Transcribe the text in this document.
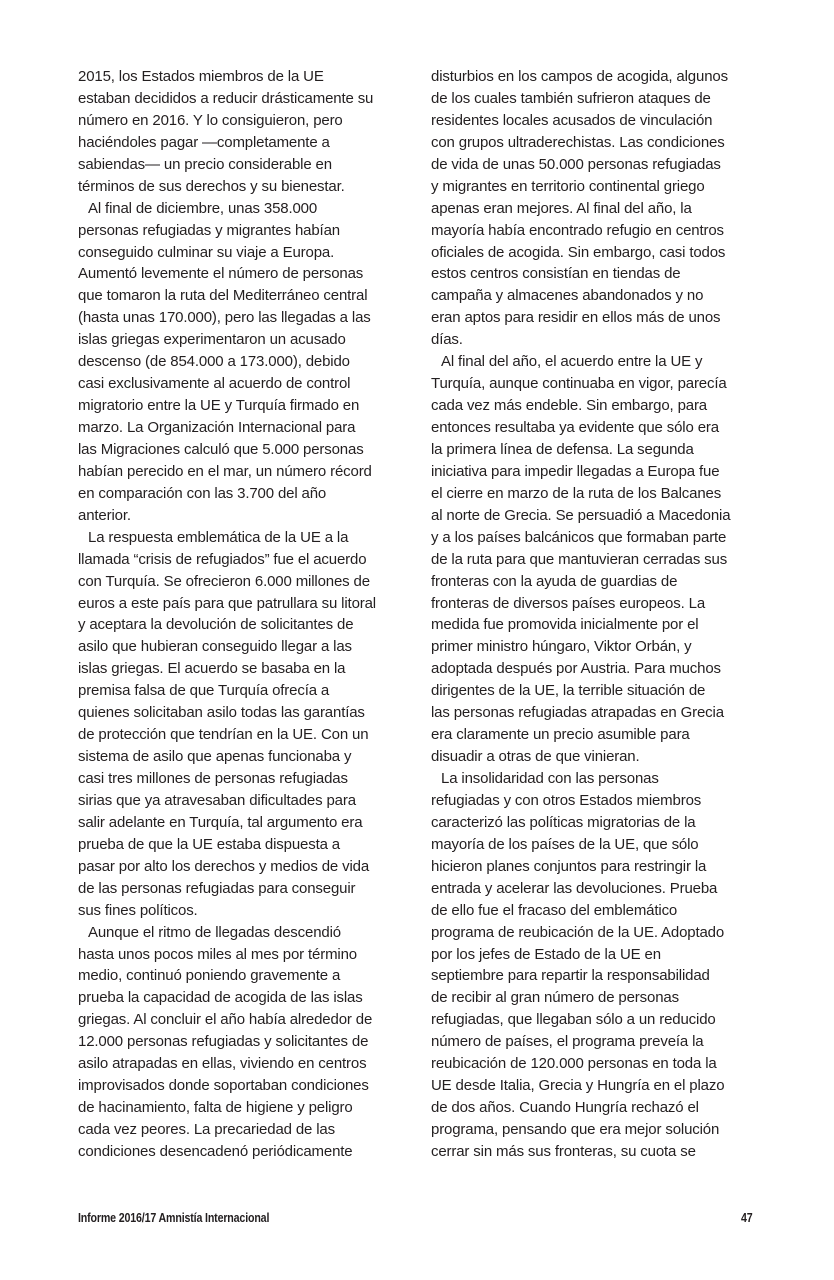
2015, los Estados miembros de la UE
estaban decididos a reducir drásticamente su
número en 2016. Y lo consiguieron, pero
haciéndoles pagar —completamente a
sabiendas— un precio considerable en
términos de sus derechos y su bienestar.
Al final de diciembre, unas 358.000
personas refugiadas y migrantes habían
conseguido culminar su viaje a Europa.
Aumentó levemente el número de personas
que tomaron la ruta del Mediterráneo central
(hasta unas 170.000), pero las llegadas a las
islas griegas experimentaron un acusado
descenso (de 854.000 a 173.000), debido
casi exclusivamente al acuerdo de control
migratorio entre la UE y Turquía firmado en
marzo. La Organización Internacional para
las Migraciones calculó que 5.000 personas
habían perecido en el mar, un número récord
en comparación con las 3.700 del año
anterior.
La respuesta emblemática de la UE a la
llamada “crisis de refugiados” fue el acuerdo
con Turquía. Se ofrecieron 6.000 millones de
euros a este país para que patrullara su litoral
y aceptara la devolución de solicitantes de
asilo que hubieran conseguido llegar a las
islas griegas. El acuerdo se basaba en la
premisa falsa de que Turquía ofrecía a
quienes solicitaban asilo todas las garantías
de protección que tendrían en la UE. Con un
sistema de asilo que apenas funcionaba y
casi tres millones de personas refugiadas
sirias que ya atravesaban dificultades para
salir adelante en Turquía, tal argumento era
prueba de que la UE estaba dispuesta a
pasar por alto los derechos y medios de vida
de las personas refugiadas para conseguir
sus fines políticos.
Aunque el ritmo de llegadas descendió
hasta unos pocos miles al mes por término
medio, continuó poniendo gravemente a
prueba la capacidad de acogida de las islas
griegas. Al concluir el año había alrededor de
12.000 personas refugiadas y solicitantes de
asilo atrapadas en ellas, viviendo en centros
improvisados donde soportaban condiciones
de hacinamiento, falta de higiene y peligro
cada vez peores. La precariedad de las
condiciones desencadenó periódicamente
disturbios en los campos de acogida, algunos
de los cuales también sufrieron ataques de
residentes locales acusados de vinculación
con grupos ultraderechistas. Las condiciones
de vida de unas 50.000 personas refugiadas
y migrantes en territorio continental griego
apenas eran mejores. Al final del año, la
mayoría había encontrado refugio en centros
oficiales de acogida. Sin embargo, casi todos
estos centros consistían en tiendas de
campaña y almacenes abandonados y no
eran aptos para residir en ellos más de unos
días.
Al final del año, el acuerdo entre la UE y
Turquía, aunque continuaba en vigor, parecía
cada vez más endeble. Sin embargo, para
entonces resultaba ya evidente que sólo era
la primera línea de defensa. La segunda
iniciativa para impedir llegadas a Europa fue
el cierre en marzo de la ruta de los Balcanes
al norte de Grecia. Se persuadió a Macedonia
y a los países balcánicos que formaban parte
de la ruta para que mantuvieran cerradas sus
fronteras con la ayuda de guardias de
fronteras de diversos países europeos. La
medida fue promovida inicialmente por el
primer ministro húngaro, Viktor Orbán, y
adoptada después por Austria. Para muchos
dirigentes de la UE, la terrible situación de
las personas refugiadas atrapadas en Grecia
era claramente un precio asumible para
disuadir a otras de que vinieran.
La insolidaridad con las personas
refugiadas y con otros Estados miembros
caracterizó las políticas migratorias de la
mayoría de los países de la UE, que sólo
hicieron planes conjuntos para restringir la
entrada y acelerar las devoluciones. Prueba
de ello fue el fracaso del emblemático
programa de reubicación de la UE. Adoptado
por los jefes de Estado de la UE en
septiembre para repartir la responsabilidad
de recibir al gran número de personas
refugiadas, que llegaban sólo a un reducido
número de países, el programa preveía la
reubicación de 120.000 personas en toda la
UE desde Italia, Grecia y Hungría en el plazo
de dos años. Cuando Hungría rechazó el
programa, pensando que era mejor solución
cerrar sin más sus fronteras, su cuota se
Informe 2016/17 Amnistía Internacional	47
